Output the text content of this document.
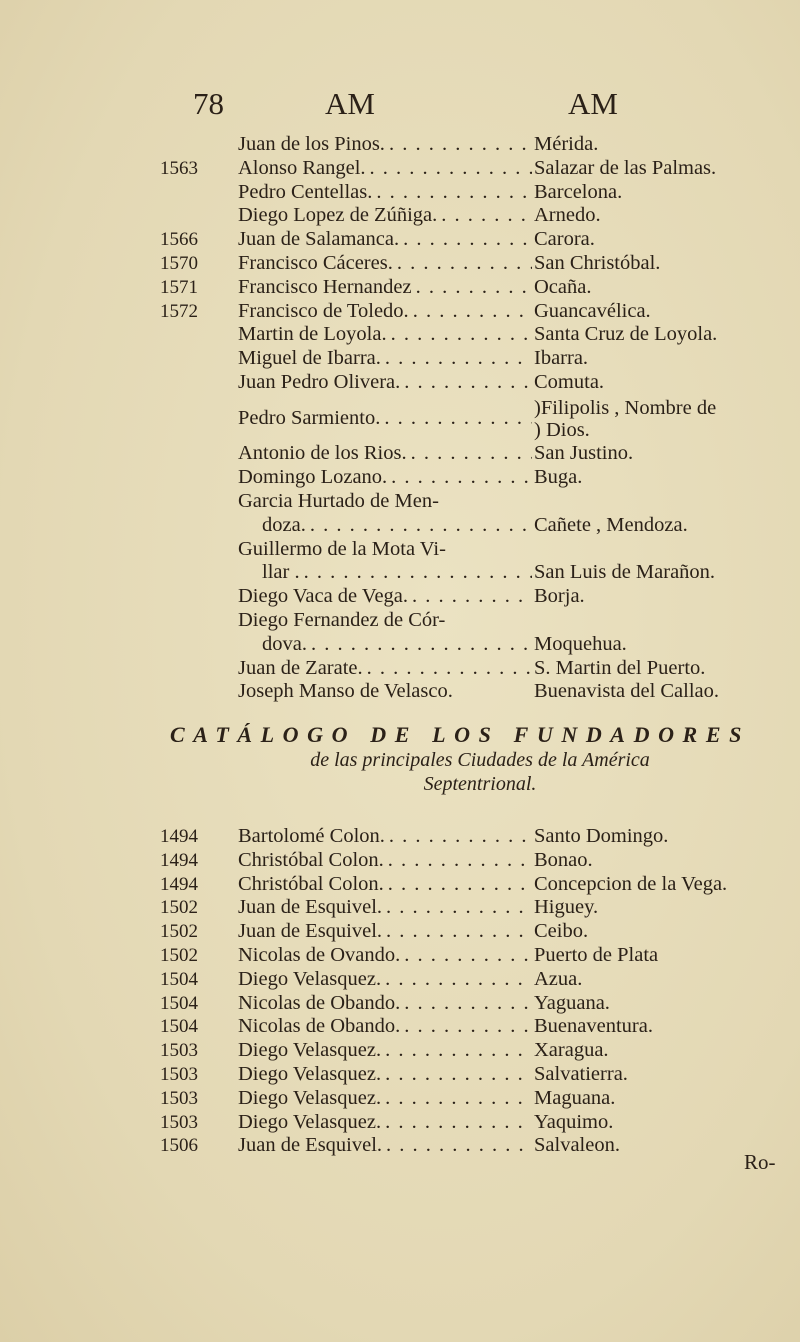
78	AM	AM
Juan de los Pinos. . . .	Mérida.
1563	Alonso Rangel. . . .	Salazar de las Palmas.
Pedro Centellas. . . .	Barcelona.
Diego Lopez de Zúñiga. . . .	Arnedo.
1566	Juan de Salamanca. . . .	Carora.
1570	Francisco Cáceres. . . .	San Christóbal.
1571	Francisco Hernandez . . .	Ocaña.
1572	Francisco de Toledo. . . .	Guancavélica.
Martin de Loyola. . . .	Santa Cruz de Loyola.
Miguel de Ibarra. . . .	Ibarra.
Juan Pedro Olivera. . . .	Comuta.
Pedro Sarmiento. . . .	)Filipolis , Nombre de
) Dios.
Antonio de los Rios. . . .	San Justino.
Domingo Lozano. . . .	Buga.
Garcia Hurtado de Men-
doza. . . .	Cañete , Mendoza.
Guillermo de la Mota Vi-
llar . . . .	San Luis de Marañon.
Diego Vaca de Vega. . . .	Borja.
Diego Fernandez de Cór-
dova. . . .	Moquehua.
Juan de Zarate. . . .	S. Martin del Puerto.
Joseph Manso de Velasco.	Buenavista del Callao.
CATÁLOGO DE LOS FUNDADORES
de las principales Ciudades de la América
Septentrional.
1494	Bartolomé Colon. . . .	Santo Domingo.
1494	Christóbal Colon. . . .	Bonao.
1494	Christóbal Colon. . . .	Concepcion de la Vega.
1502	Juan de Esquivel. . . .	Higuey.
1502	Juan de Esquivel. . . .	Ceibo.
1502	Nicolas de Ovando. . . .	Puerto de Plata
1504	Diego Velasquez. . . .	Azua.
1504	Nicolas de Obando. . . .	Yaguana.
1504	Nicolas de Obando. . . .	Buenaventura.
1503	Diego Velasquez. . . .	Xaragua.
1503	Diego Velasquez. . . .	Salvatierra.
1503	Diego Velasquez. . . .	Maguana.
1503	Diego Velasquez. . . .	Yaquimo.
1506	Juan de Esquivel. . . .	Salvaleon.
Ro-
